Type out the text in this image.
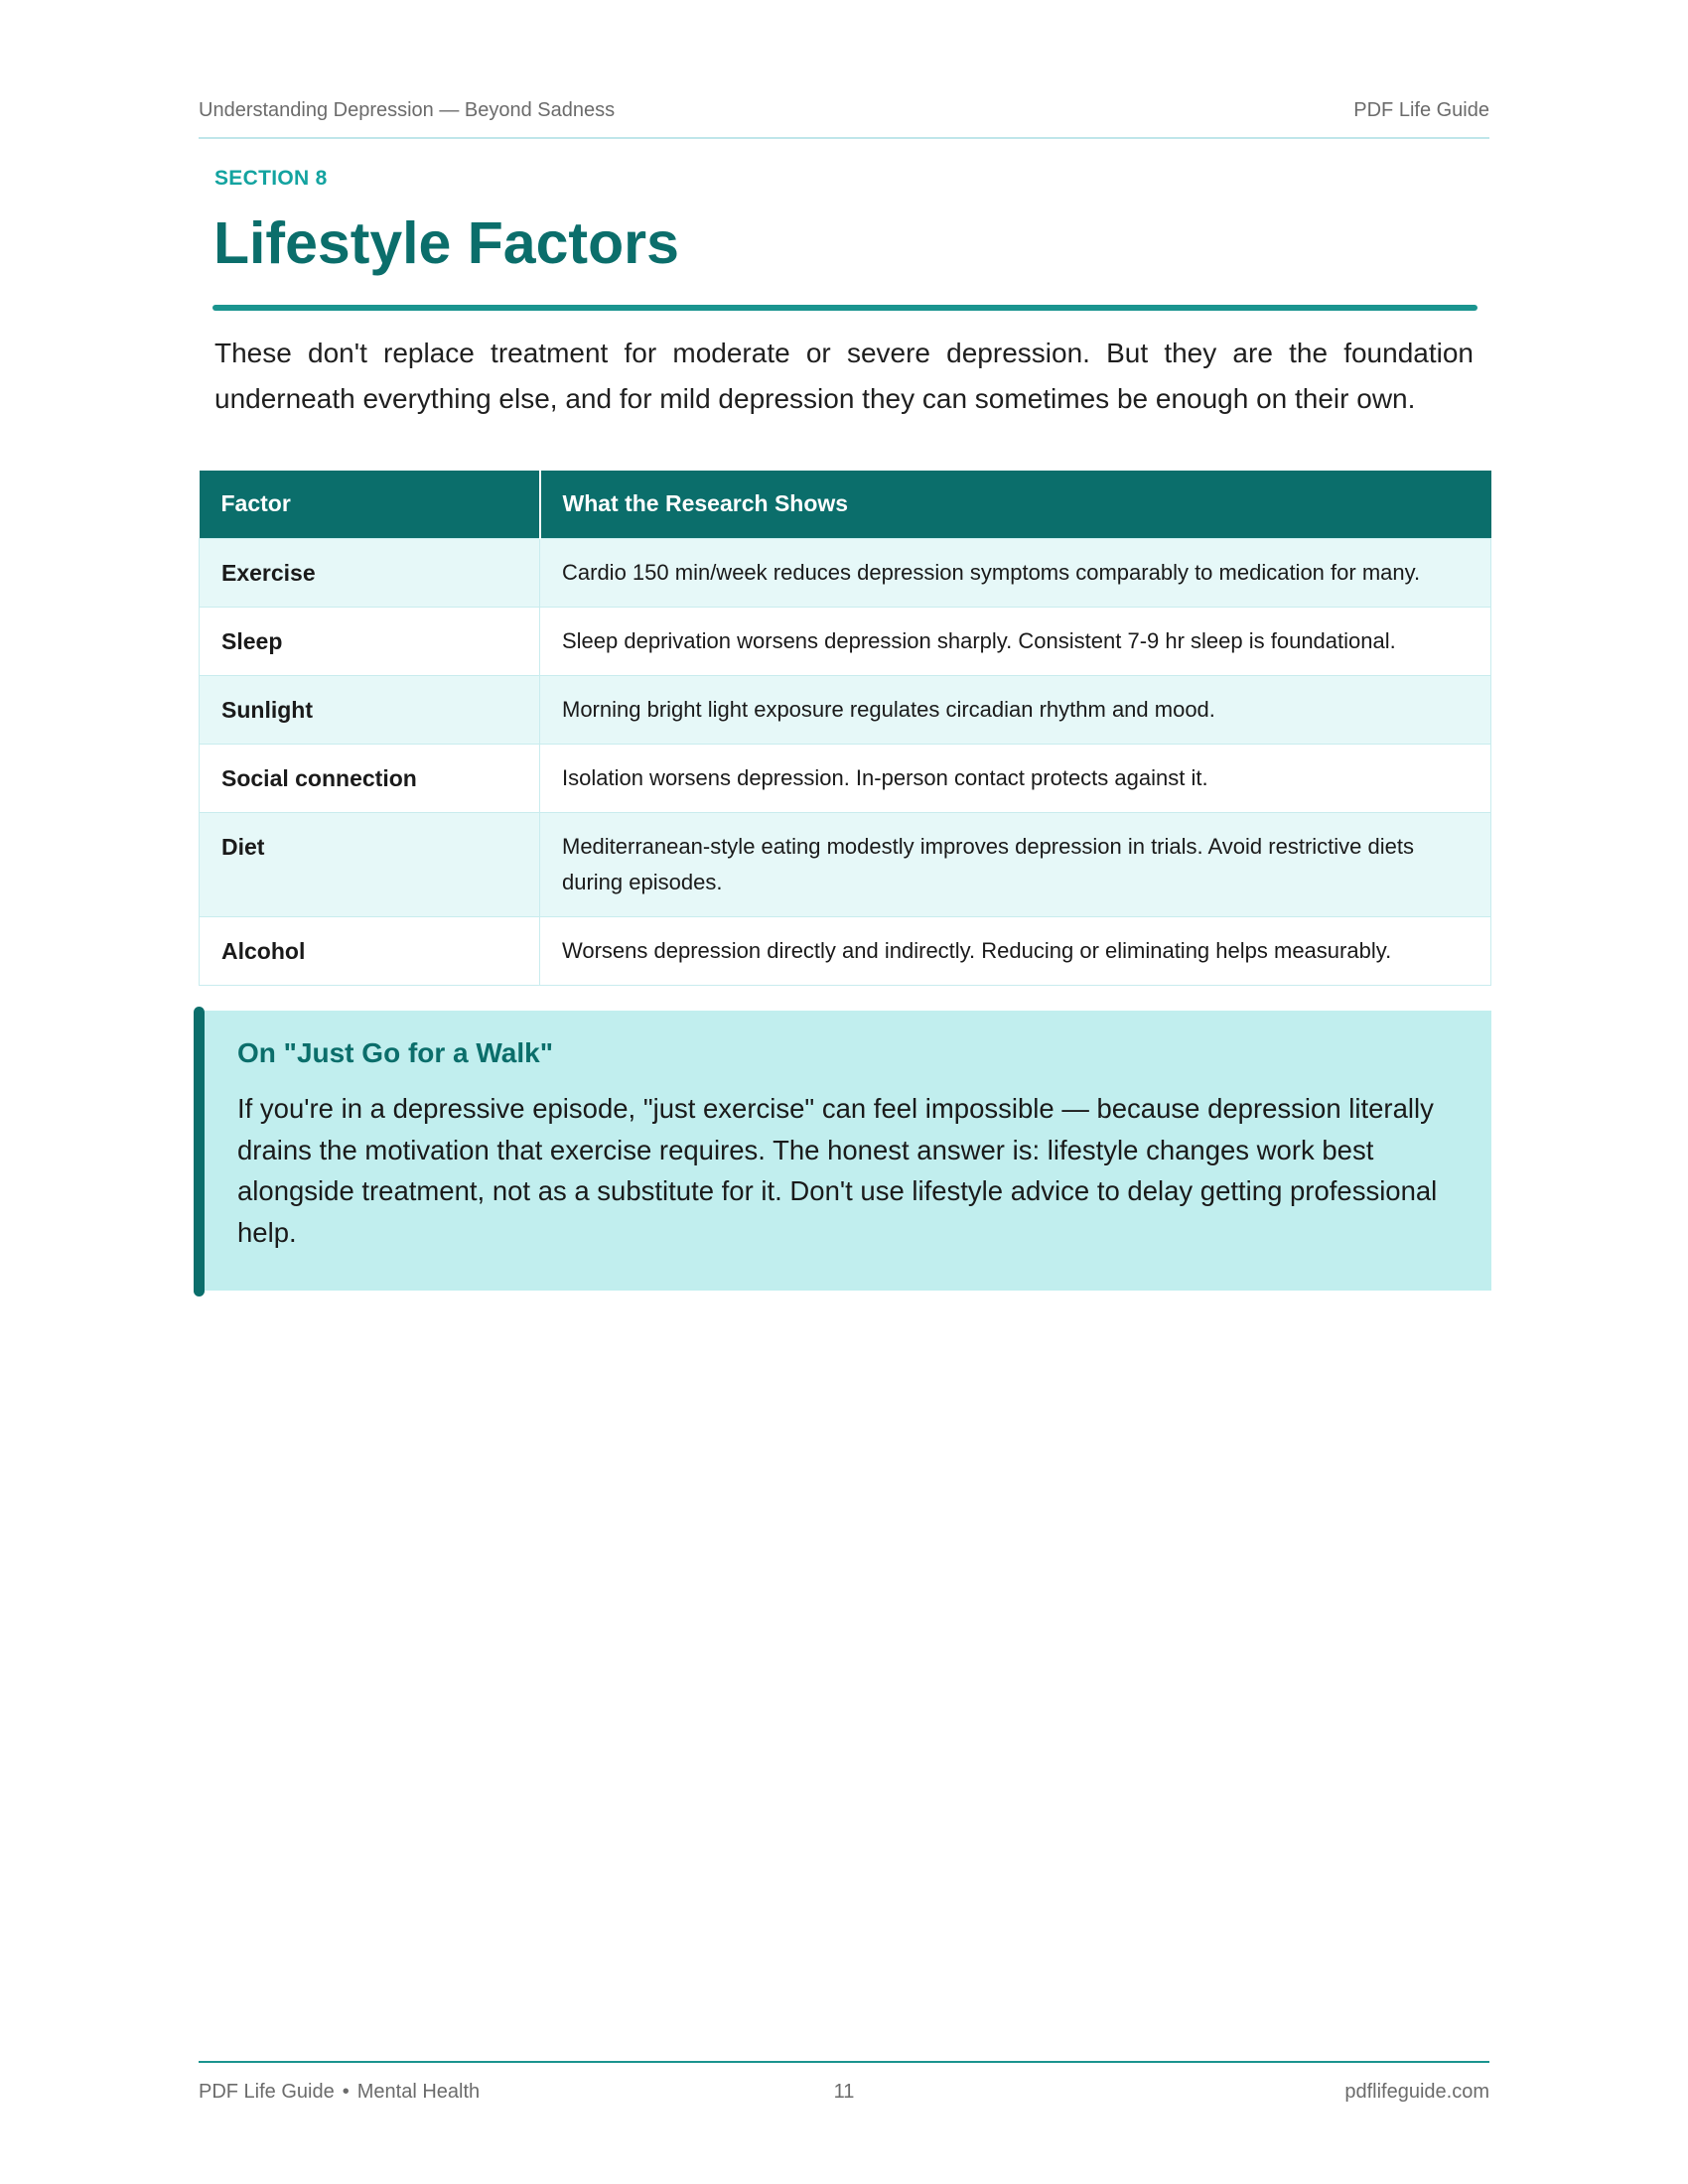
Understanding Depression — Beyond Sadness	PDF Life Guide
SECTION 8
Lifestyle Factors

These don't replace treatment for moderate or severe depression. But they are the foundation underneath everything else, and for mild depression they can sometimes be enough on their own.

Factor	What the Research Shows
Exercise	Cardio 150 min/week reduces depression symptoms comparably to medication for many.
Sleep	Sleep deprivation worsens depression sharply. Consistent 7-9 hr sleep is foundational.
Sunlight	Morning bright light exposure regulates circadian rhythm and mood.
Social connection	Isolation worsens depression. In-person contact protects against it.
Diet	Mediterranean-style eating modestly improves depression in trials. Avoid restrictive diets during episodes.
Alcohol	Worsens depression directly and indirectly. Reducing or eliminating helps measurably.
On "Just Go for a Walk"

If you're in a depressive episode, "just exercise" can feel impossible — because depression literally drains the motivation that exercise requires. The honest answer is: lifestyle changes work best alongside treatment, not as a substitute for it. Don't use lifestyle advice to delay getting professional help.

PDF Life Guide • Mental Health	11	pdflifeguide.com
